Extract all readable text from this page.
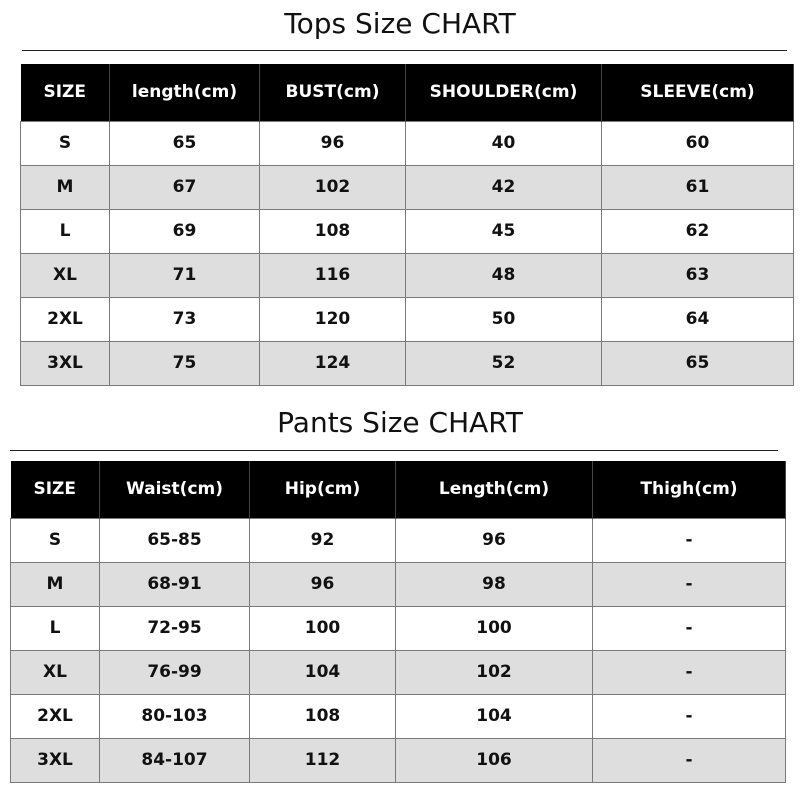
Tops Size CHART
SIZE	length(cm)	BUST(cm)	SHOULDER(cm)	SLEEVE(cm)
S	65	96	40	60
M	67	102	42	61
L	69	108	45	62
XL	71	116	48	63
2XL	73	120	50	64
3XL	75	124	52	65
Pants Size CHART
SIZE	Waist(cm)	Hip(cm)	Length(cm)	Thigh(cm)
S	65-85	92	96	-
M	68-91	96	98	-
L	72-95	100	100	-
XL	76-99	104	102	-
2XL	80-103	108	104	-
3XL	84-107	112	106	-
